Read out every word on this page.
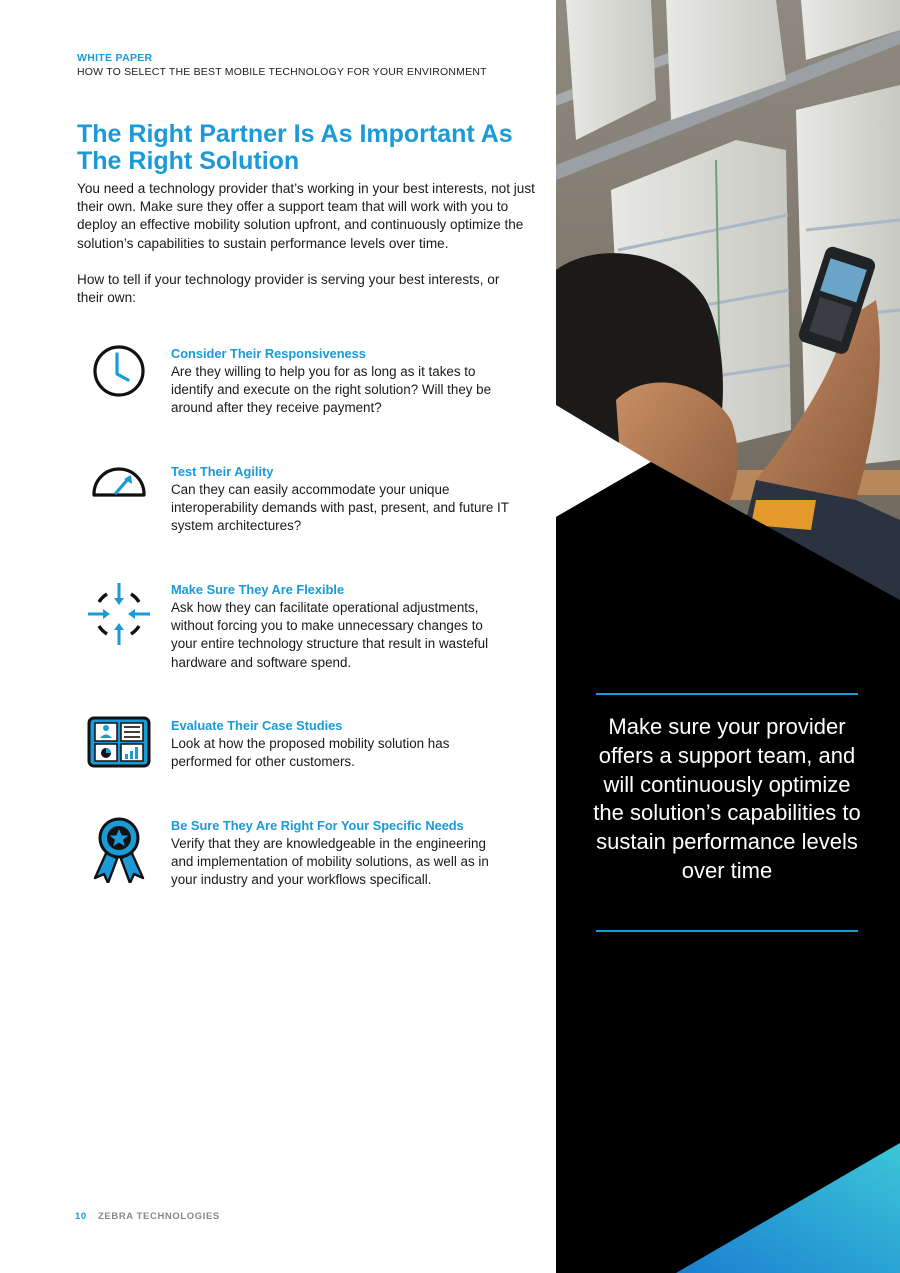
WHITE PAPER
HOW TO SELECT THE BEST MOBILE TECHNOLOGY FOR YOUR ENVIRONMENT
The Right Partner Is As Important As The Right Solution

You need a technology provider that’s working in your best interests, not just their own. Make sure they offer a support team that will work with you to deploy an effective mobility solution upfront, and continuously optimize the solution’s capabilities to sustain performance levels over time.

How to tell if your technology provider is serving your best interests, or their own:

Consider Their Responsiveness

Are they willing to help you for as long as it takes to identify and execute on the right solution? Will they be around after they receive payment?

Test Their Agility

Can they can easily accommodate your unique interoperability demands with past, present, and future IT system architectures?

Make Sure They Are Flexible

Ask how they can facilitate operational adjustments, without forcing you to make unnecessary changes to your entire technology structure that result in wasteful hardware and software spend.

Evaluate Their Case Studies

Look at how the proposed mobility solution has performed for other customers.

Be Sure They Are Right For Your Specific Needs

Verify that they are knowledgeable in the engineering and implementation of mobility solutions, as well as in your industry and your workflows specificall.

10 ZEBRA TECHNOLOGIES

Make sure your provider offers a support team, and will continuously optimize the solution’s capabilities to sustain performance levels over time
